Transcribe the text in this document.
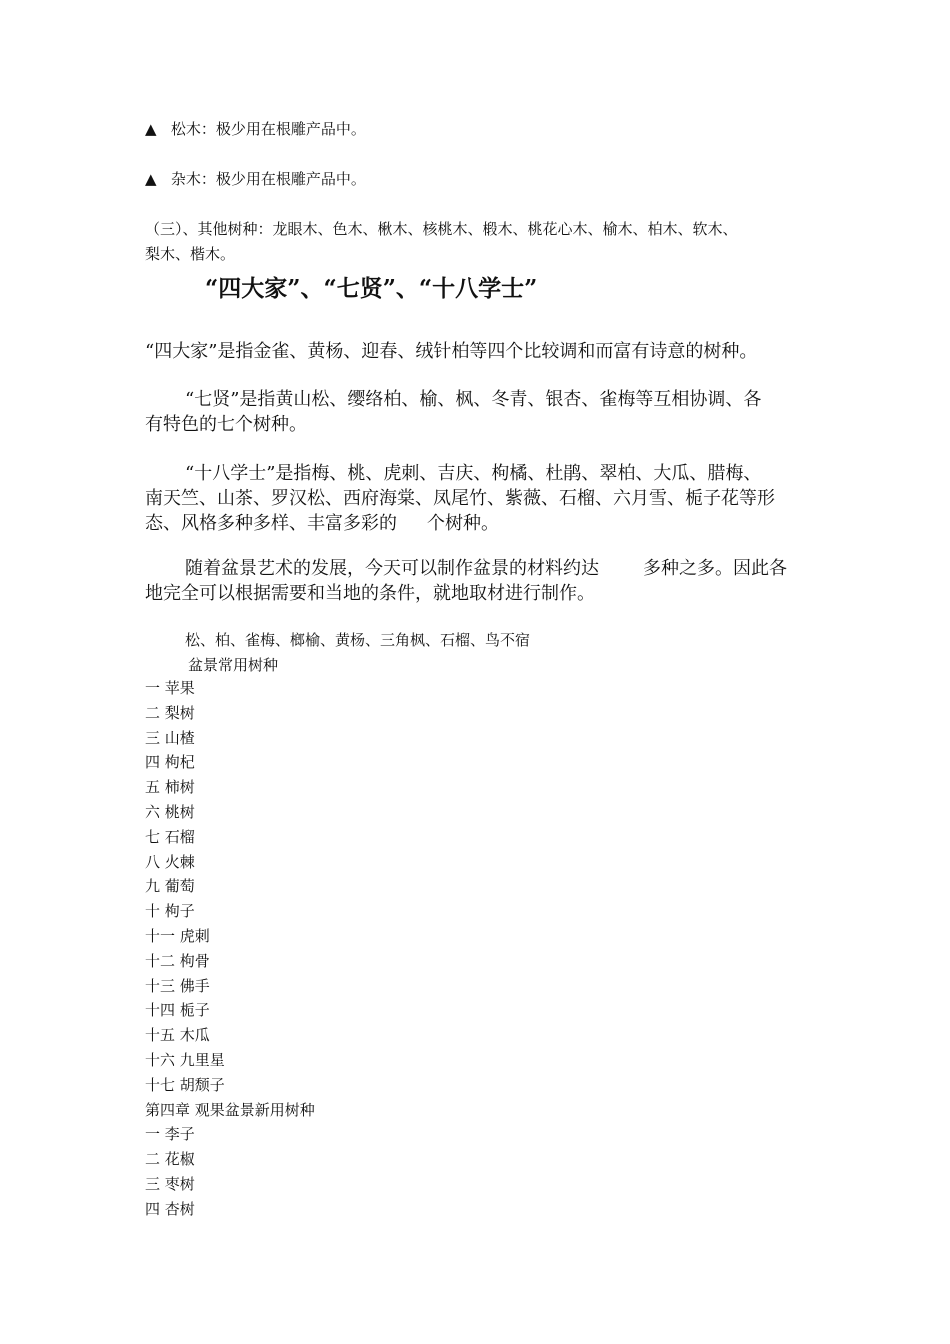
▲ 松木：极少用在根雕产品中。
▲ 杂木：极少用在根雕产品中。
（三）、其他树种：龙眼木、色木、楸木、核桃木、椴木、桃花心木、榆木、柏木、软木、
梨木、楷木。
“四大家”、“七贤”、“十八学士”
“四大家”是指金雀、黄杨、迎春、绒针柏等四个比较调和而富有诗意的树种。
“七贤”是指黄山松、缨络柏、榆、枫、冬青、银杏、雀梅等互相协调、各
有特色的七个树种。
“十八学士”是指梅、桃、虎刺、吉庆、枸橘、杜鹃、翠柏、大瓜、腊梅、
南天竺、山茶、罗汉松、西府海棠、凤尾竹、紫薇、石榴、六月雪、栀子花等形
态、风格多种多样、丰富多彩的 个树种。
随着盆景艺术的发展，今天可以制作盆景的材料约达 多种之多。因此各
地完全可以根据需要和当地的条件，就地取材进行制作。
松、柏、雀梅、榔榆、黄杨、三角枫、石榴、鸟不宿
盆景常用树种
一 苹果
二 梨树
三 山楂
四 枸杞
五 柿树
六 桃树
七 石榴
八 火棘
九 葡萄
十 枸子
十一 虎刺
十二 枸骨
十三 佛手
十四 栀子
十五 木瓜
十六 九里星
十七 胡颓子
第四章 观果盆景新用树种
一 李子
二 花椒
三 枣树
四 杏树
